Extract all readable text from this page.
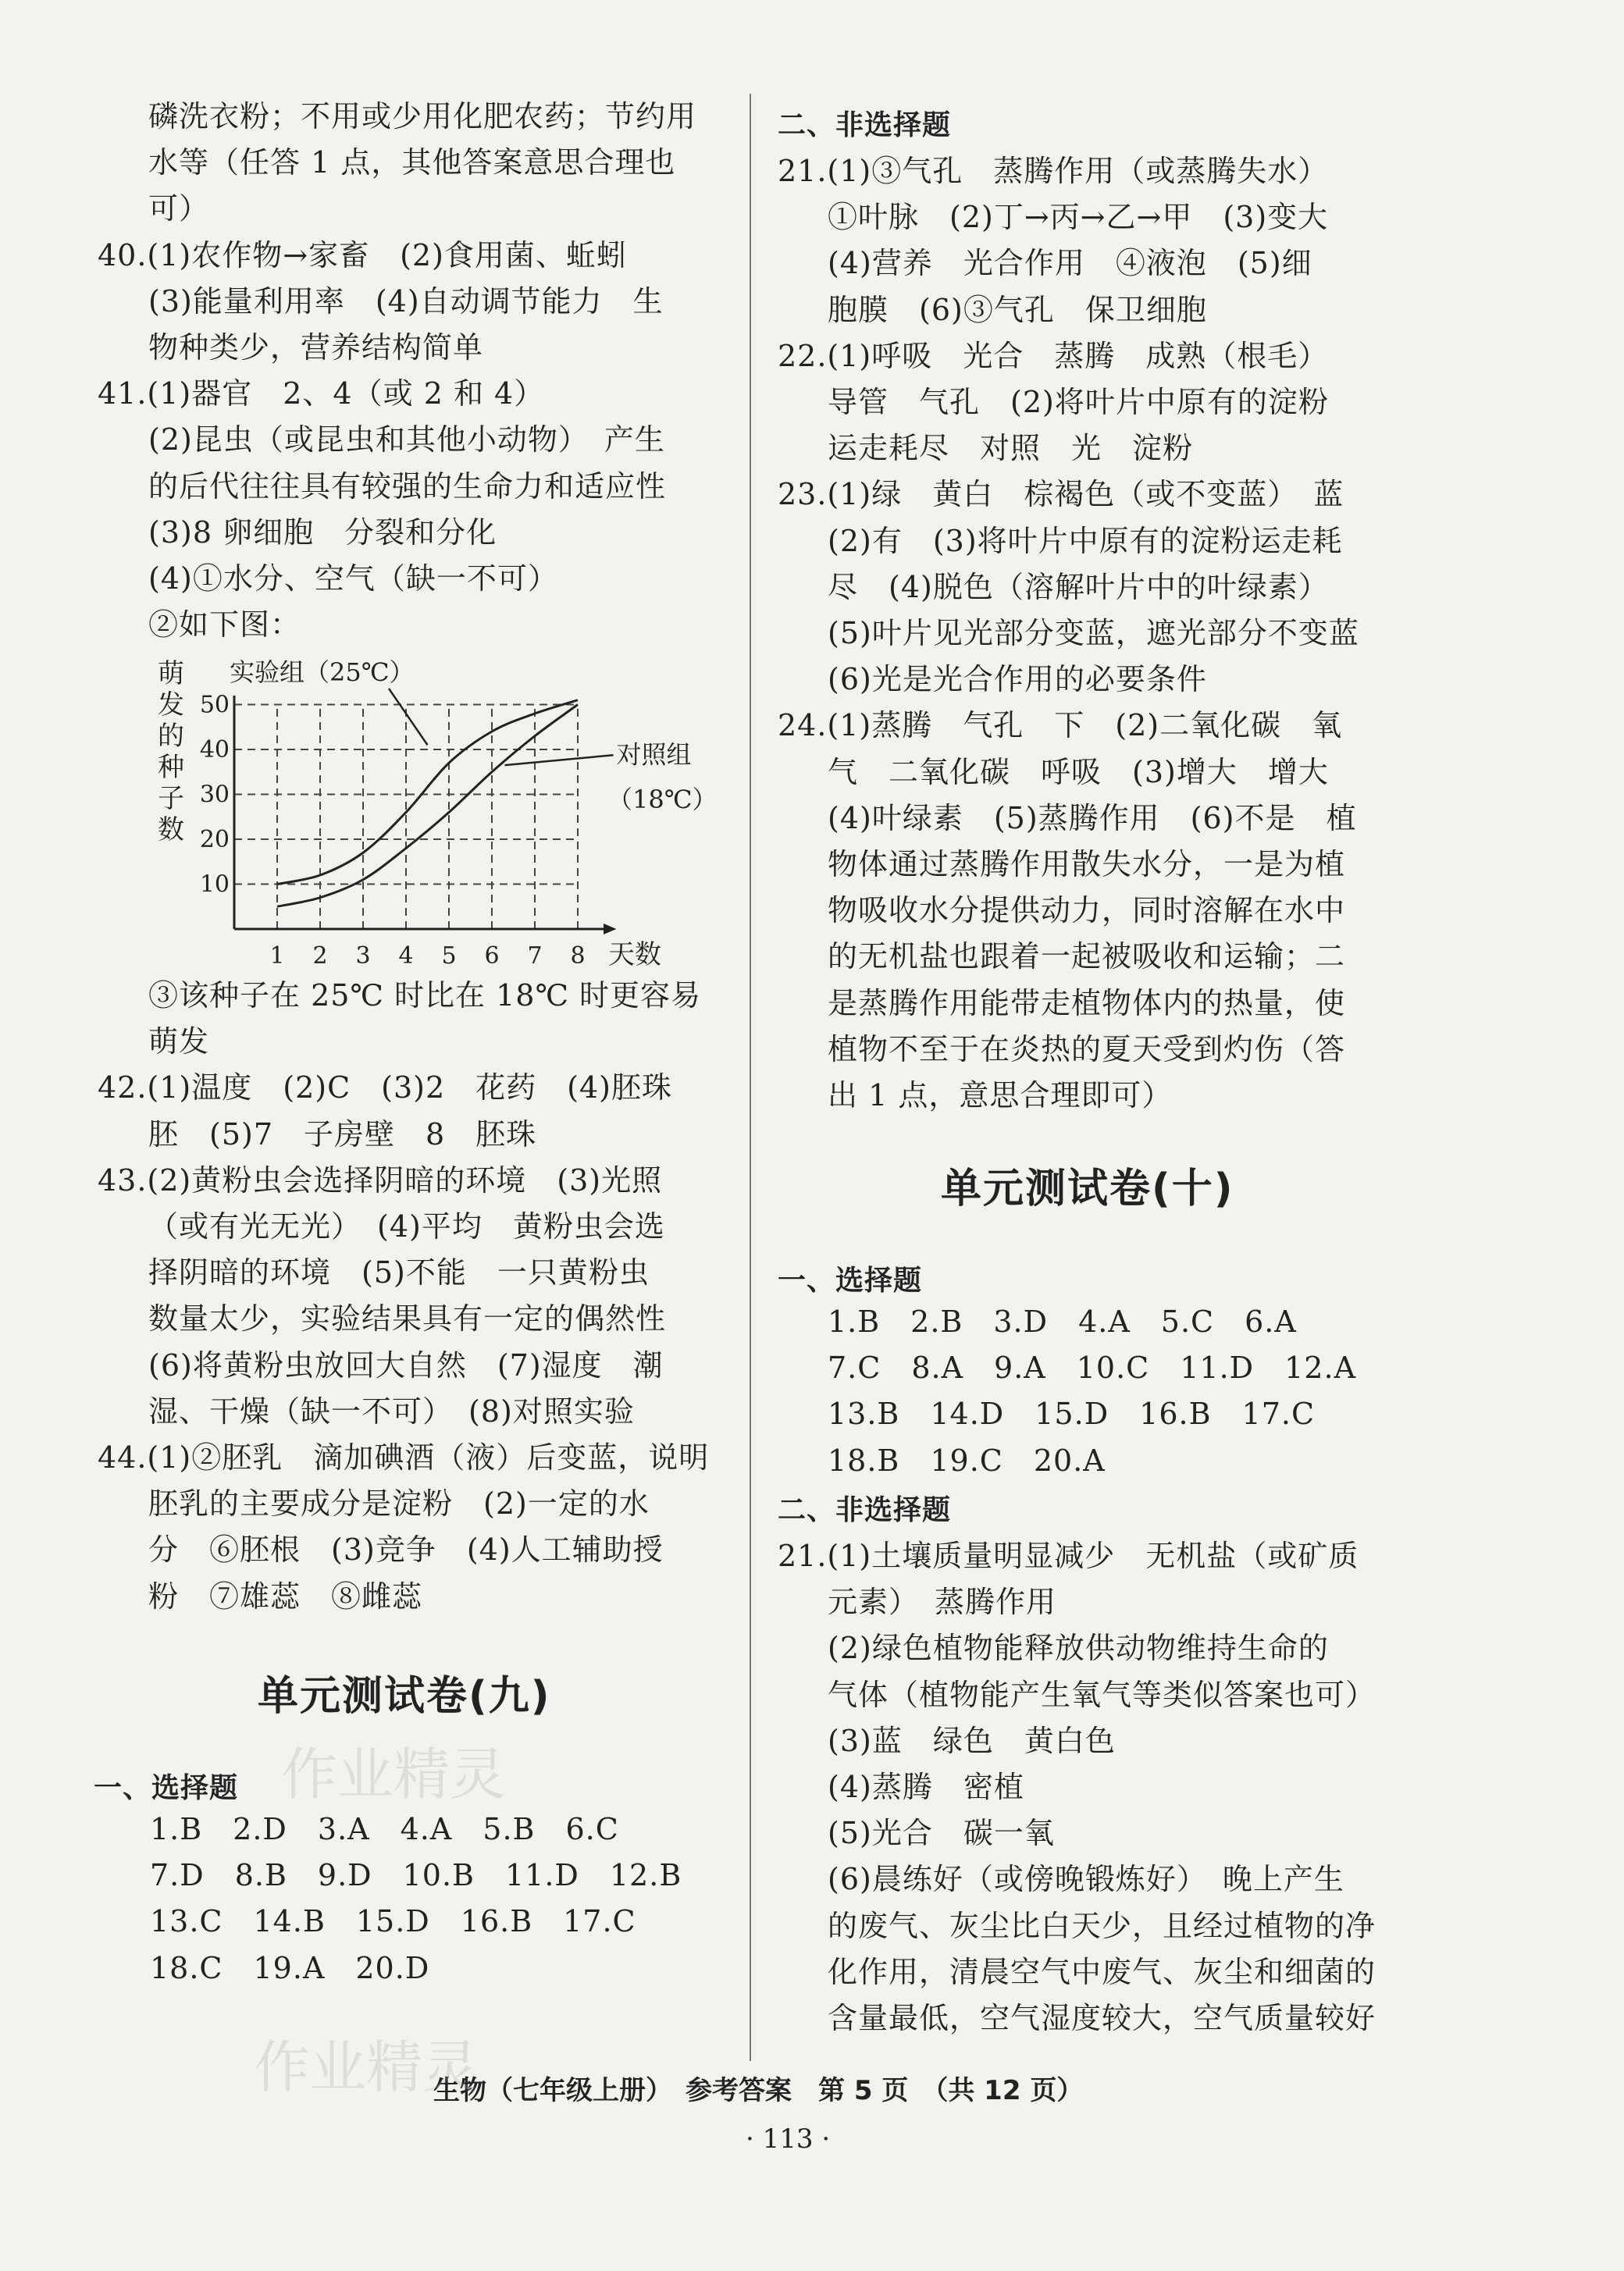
磷洗衣粉；不用或少用化肥农药；节约用
水等（任答 1 点，其他答案意思合理也
可）
40.(1)农作物→家畜　(2)食用菌、蚯蚓
(3)能量利用率　(4)自动调节能力　生
物种类少，营养结构简单
41.(1)器官　2、4（或 2 和 4）
(2)昆虫（或昆虫和其他小动物）　产生
的后代往往具有较强的生命力和适应性
(3)8 卵细胞　分裂和分化
(4)①水分、空气（缺一不可）
②如下图：
③该种子在 25℃ 时比在 18℃ 时更容易
萌发
42.(1)温度　(2)C　(3)2　花药　(4)胚珠
胚　(5)7　子房壁　8　胚珠
43.(2)黄粉虫会选择阴暗的环境　(3)光照
（或有光无光）　(4)平均　黄粉虫会选
择阴暗的环境　(5)不能　一只黄粉虫
数量太少，实验结果具有一定的偶然性
(6)将黄粉虫放回大自然　(7)湿度　潮
湿、干燥（缺一不可）　(8)对照实验
44.(1)②胚乳　滴加碘酒（液）后变蓝，说明
胚乳的主要成分是淀粉　(2)一定的水
分　⑥胚根　(3)竞争　(4)人工辅助授
粉　⑦雄蕊　⑧雌蕊
单元测试卷(九)
一、选择题
1.B　2.D　3.A　4.A　5.B　6.C
7.D　8.B　9.D　10.B　11.D　12.B
13.C　14.B　15.D　16.B　17.C
18.C　19.A　20.D
二、非选择题
21.(1)③气孔　蒸腾作用（或蒸腾失水）
①叶脉　(2)丁→丙→乙→甲　(3)变大
(4)营养　光合作用　④液泡　(5)细
胞膜　(6)③气孔　保卫细胞
22.(1)呼吸　光合　蒸腾　成熟（根毛）
导管　气孔　(2)将叶片中原有的淀粉
运走耗尽　对照　光　淀粉
23.(1)绿　黄白　棕褐色（或不变蓝）　蓝
(2)有　(3)将叶片中原有的淀粉运走耗
尽　(4)脱色（溶解叶片中的叶绿素）
(5)叶片见光部分变蓝，遮光部分不变蓝
(6)光是光合作用的必要条件
24.(1)蒸腾　气孔　下　(2)二氧化碳　氧
气　二氧化碳　呼吸　(3)增大　增大
(4)叶绿素　(5)蒸腾作用　(6)不是　植
物体通过蒸腾作用散失水分，一是为植
物吸收水分提供动力，同时溶解在水中
的无机盐也跟着一起被吸收和运输；二
是蒸腾作用能带走植物体内的热量，使
植物不至于在炎热的夏天受到灼伤（答
出 1 点，意思合理即可）
单元测试卷(十)
一、选择题
1.B　2.B　3.D　4.A　5.C　6.A
7.C　8.A　9.A　10.C　11.D　12.A
13.B　14.D　15.D　16.B　17.C
18.B　19.C　20.A
二、非选择题
21.(1)土壤质量明显减少　无机盐（或矿质
元素）　蒸腾作用
(2)绿色植物能释放供动物维持生命的
气体（植物能产生氧气等类似答案也可）
(3)蓝　绿色　黄白色
(4)蒸腾　密植
(5)光合　碳一氧
(6)晨练好（或傍晚锻炼好）　晚上产生
的废气、灰尘比白天少，且经过植物的净
化作用，清晨空气中废气、灰尘和细菌的
含量最低，空气湿度较大，空气质量较好
1 2 3 4 5 6 7 8
10
20
30
40
50
天数
萌
发
的
种
子
数
实验组（25℃）
对照组
（18℃）
生物（七年级上册）　参考答案　第 5 页　（共 12 页）
· 113 ·
作业精灵
作业精灵
